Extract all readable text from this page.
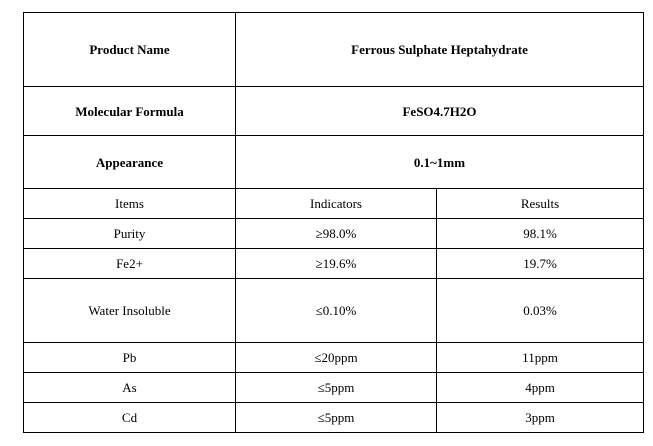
Product Name	Ferrous Sulphate Heptahydrate	
Molecular Formula	FeSO4.7H2O	
Appearance	0.1~1mm	
Items	Indicators	Results
Purity	≥98.0%	98.1%
Fe2+	≥19.6%	19.7%
Water Insoluble	≤0.10%	0.03%
Pb	≤20ppm	11ppm
As	≤5ppm	4ppm
Cd	≤5ppm	3ppm
